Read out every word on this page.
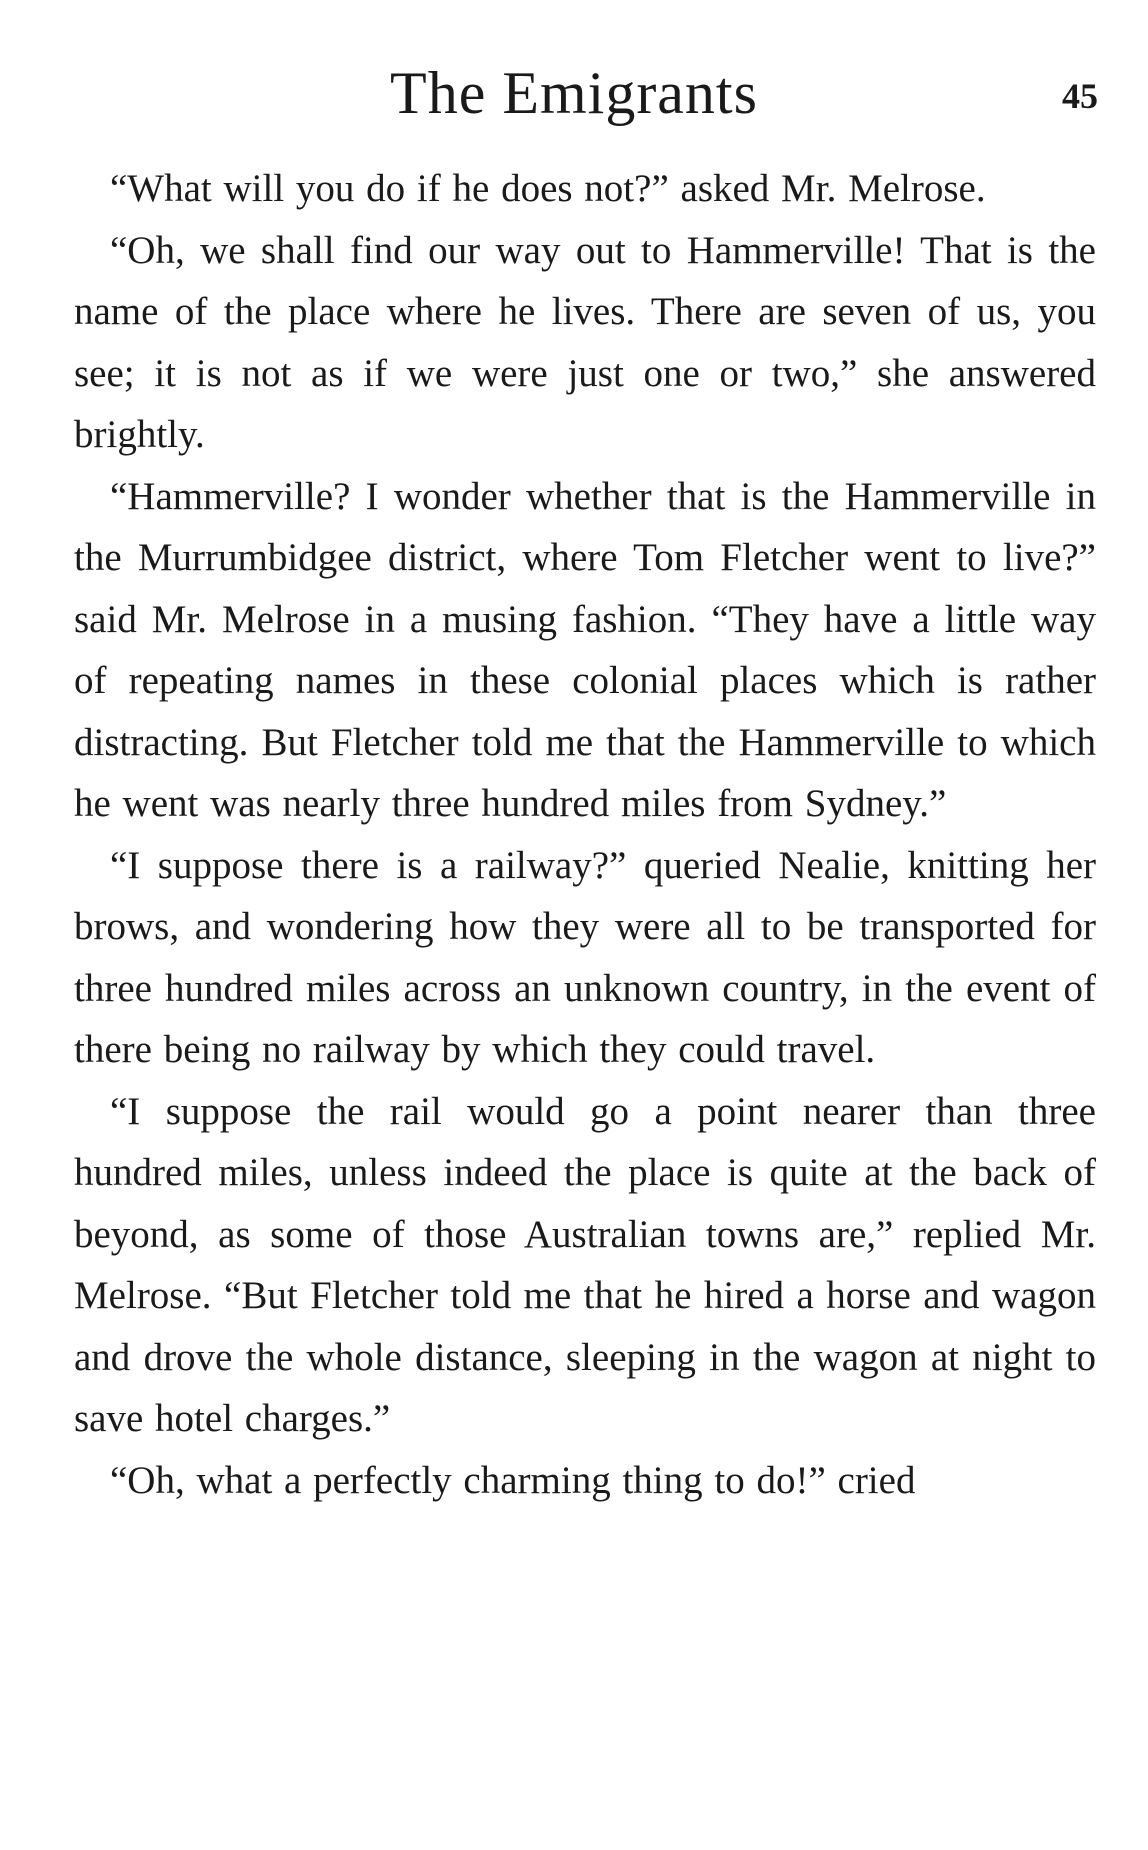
The Emigrants	45

“What will you do if he does not?” asked Mr. Melrose.

“Oh, we shall find our way out to Hammerville! That is the name of the place where he lives. There are seven of us, you see; it is not as if we were just one or two,” she answered brightly.

“Hammerville? I wonder whether that is the Hammerville in the Murrumbidgee district, where Tom Fletcher went to live?” said Mr. Melrose in a musing fashion. “They have a little way of repeating names in these colonial places which is rather distracting. But Fletcher told me that the Hammerville to which he went was nearly three hundred miles from Sydney.”

“I suppose there is a railway?” queried Nealie, knitting her brows, and wondering how they were all to be transported for three hundred miles across an unknown country, in the event of there being no railway by which they could travel.

“I suppose the rail would go a point nearer than three hundred miles, unless indeed the place is quite at the back of beyond, as some of those Australian towns are,” replied Mr. Melrose. “But Fletcher told me that he hired a horse and wagon and drove the whole distance, sleeping in the wagon at night to save hotel charges.”

“Oh, what a perfectly charming thing to do!” cried
